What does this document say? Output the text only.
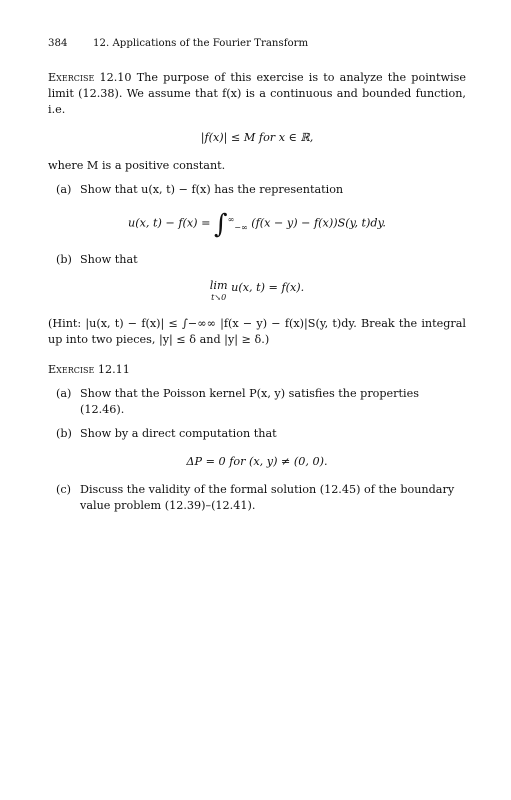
384	12. Applications of the Fourier Transform

Exercise 12.10 The purpose of this exercise is to analyze the pointwise limit (12.38). We assume that f(x) is a continuous and bounded function, i.e.

|f(x)| ≤ M for x ∈ ℝ,

where M is a positive constant.

(a) Show that u(x, t) − f(x) has the representation
u(x, $t) - f(x) = \int^\infty_{-\infty}$ (f(x − y) − f(x))S(y, t)dy.
(b) Show that
lim
t↘0
u(x, t) = f(x).

(Hint: |u(x, t) − f(x)| ≤ ∫−∞∞ |f(x − y) − f(x)|S(y, t)dy. Break the integral up into two pieces, |y| ≤ δ and |y| ≥ δ.)

Exercise 12.11

(a) Show that the Poisson kernel P(x, y) satisfies the properties (12.46).
(b) Show by a direct computation that
ΔP = 0 for (x, y) ≠ (0, 0).
(c) Discuss the validity of the formal solution (12.45) of the boundary value problem (12.39)–(12.41).
